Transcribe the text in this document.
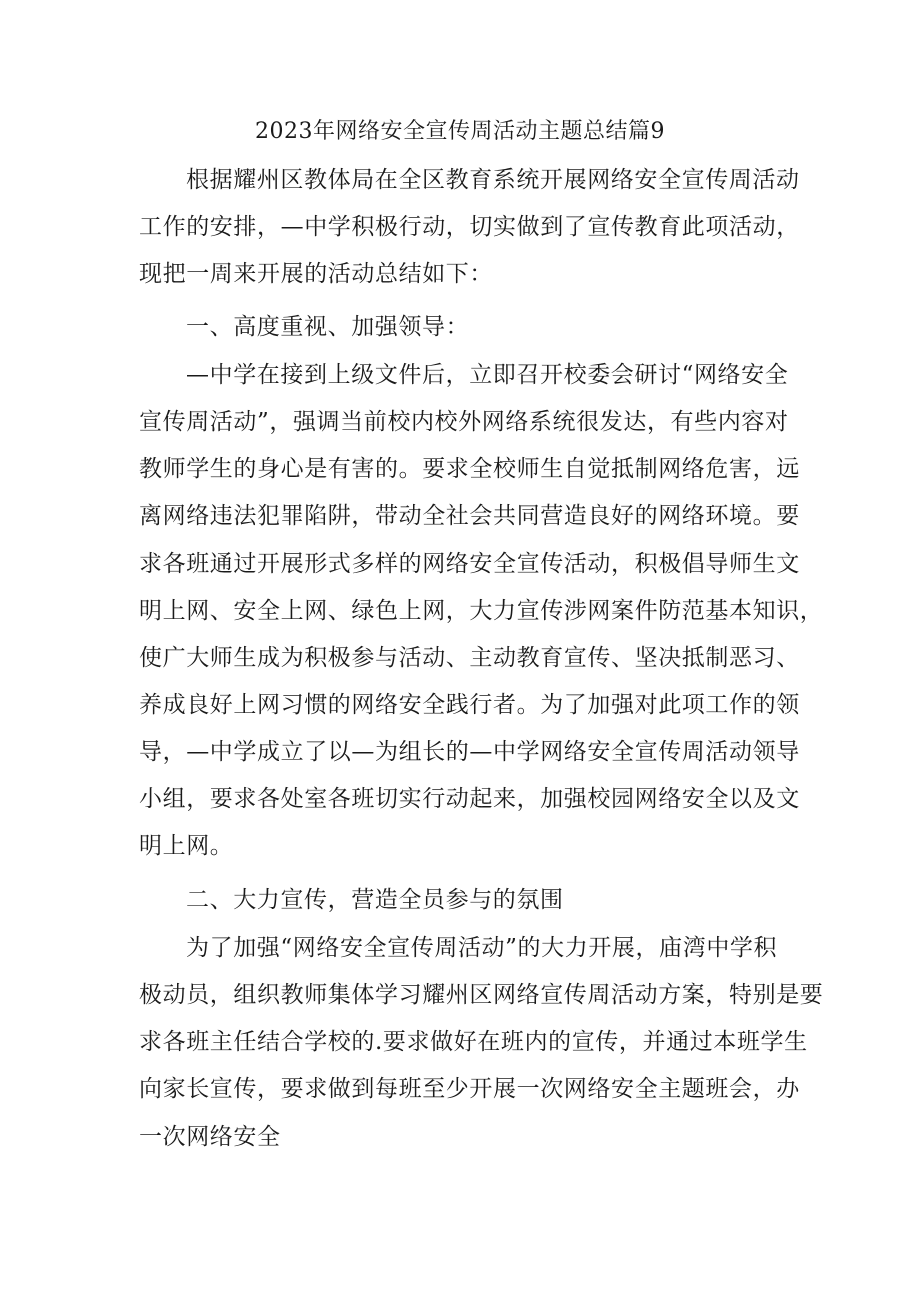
2023年网络安全宣传周活动主题总结篇9
根据耀州区教体局在全区教育系统开展网络安全宣传周活动
工作的安排，—中学积极行动，切实做到了宣传教育此项活动，
现把一周来开展的活动总结如下：
一、高度重视、加强领导：
—中学在接到上级文件后，立即召开校委会研讨“网络安全
宣传周活动”，强调当前校内校外网络系统很发达，有些内容对
教师学生的身心是有害的。要求全校师生自觉抵制网络危害，远
离网络违法犯罪陷阱，带动全社会共同营造良好的网络环境。要
求各班通过开展形式多样的网络安全宣传活动，积极倡导师生文
明上网、安全上网、绿色上网，大力宣传涉网案件防范基本知识，
使广大师生成为积极参与活动、主动教育宣传、坚决抵制恶习、
养成良好上网习惯的网络安全践行者。为了加强对此项工作的领
导，—中学成立了以—为组长的—中学网络安全宣传周活动领导
小组，要求各处室各班切实行动起来，加强校园网络安全以及文
明上网。
二、大力宣传，营造全员参与的氛围
为了加强“网络安全宣传周活动”的大力开展，庙湾中学积
极动员，组织教师集体学习耀州区网络宣传周活动方案，特别是要
求各班主任结合学校的.要求做好在班内的宣传，并通过本班学生
向家长宣传，要求做到每班至少开展一次网络安全主题班会，办
一次网络安全
